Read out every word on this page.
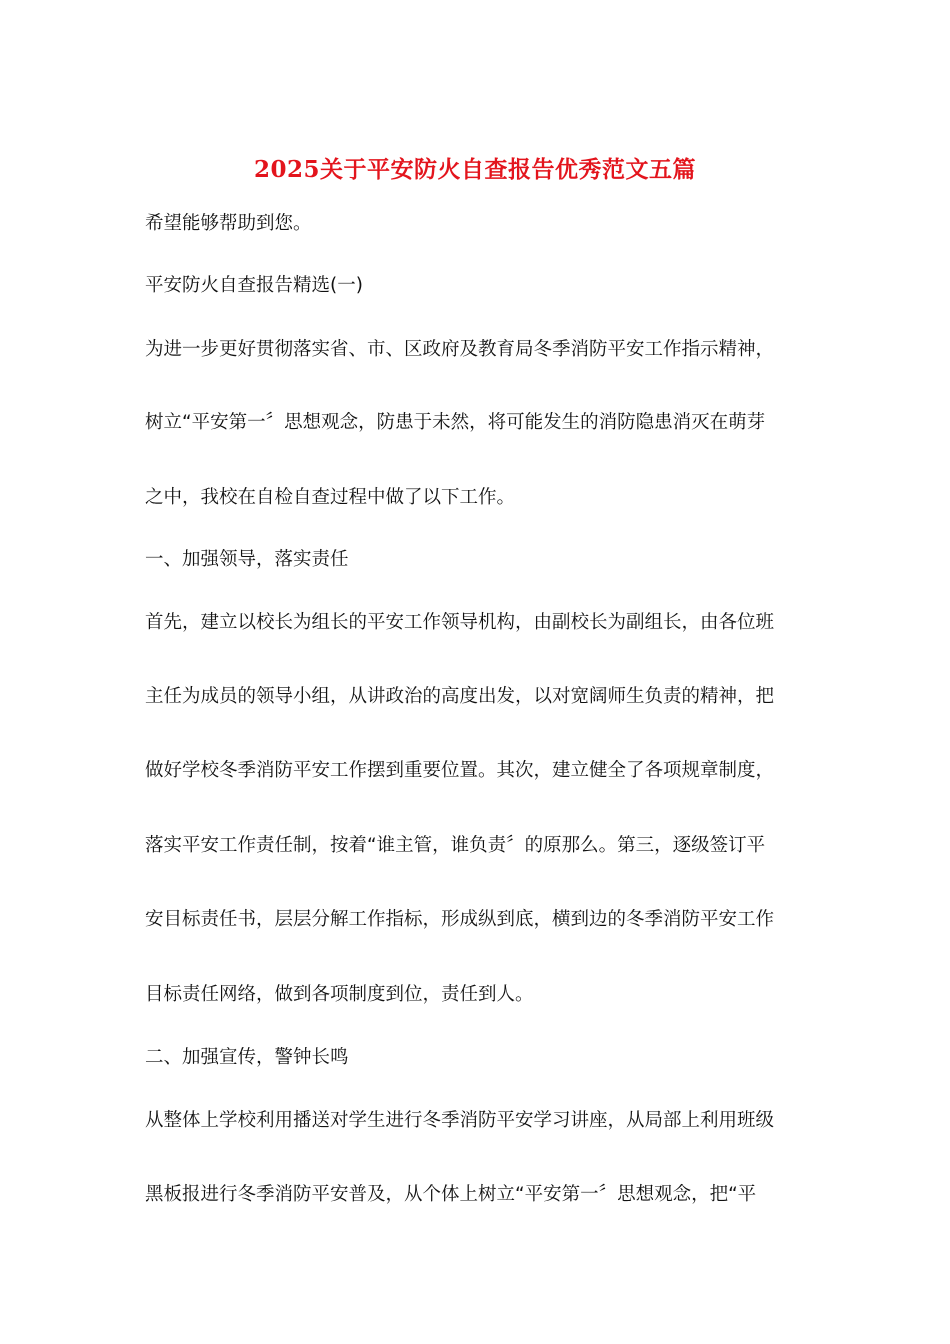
2025关于平安防火自查报告优秀范文五篇
希望能够帮助到您。
平安防火自查报告精选(一)
为进一步更好贯彻落实省、市、区政府及教育局冬季消防平安工作指示精神，
树立“平安第一〞思想观念，防患于未然，将可能发生的消防隐患消灭在萌芽
之中，我校在自检自查过程中做了以下工作。
一、加强领导，落实责任
首先，建立以校长为组长的平安工作领导机构，由副校长为副组长，由各位班
主任为成员的领导小组，从讲政治的高度出发，以对宽阔师生负责的精神，把
做好学校冬季消防平安工作摆到重要位置。其次，建立健全了各项规章制度，
落实平安工作责任制，按着“谁主管，谁负责〞的原那么。第三，逐级签订平
安目标责任书，层层分解工作指标，形成纵到底，横到边的冬季消防平安工作
目标责任网络，做到各项制度到位，责任到人。
二、加强宣传，警钟长鸣
从整体上学校利用播送对学生进行冬季消防平安学习讲座，从局部上利用班级
黑板报进行冬季消防平安普及，从个体上树立“平安第一〞思想观念，把“平
